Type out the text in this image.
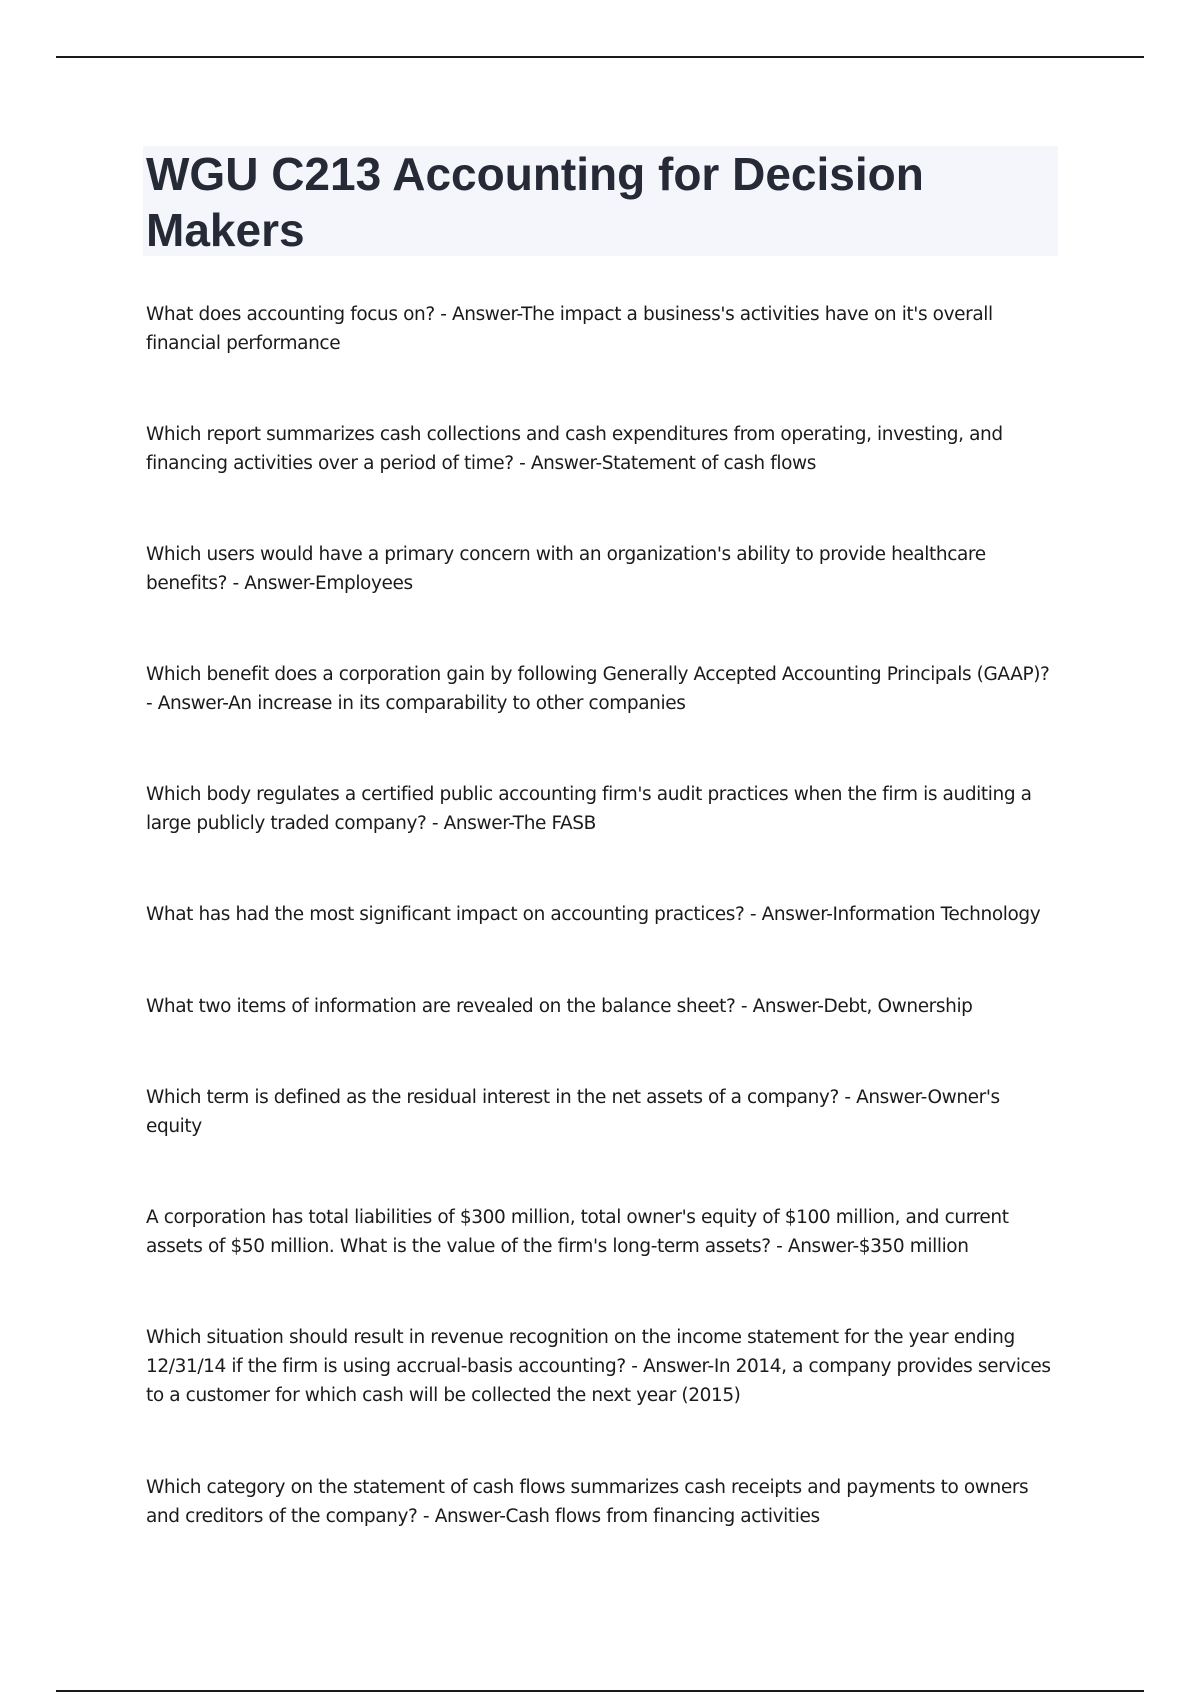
WGU C213 Accounting for Decision Makers

What does accounting focus on? - Answer-The impact a business's activities have on it's overall financial performance

Which report summarizes cash collections and cash expenditures from operating, investing, and financing activities over a period of time? - Answer-Statement of cash flows

Which users would have a primary concern with an organization's ability to provide healthcare benefits? - Answer-Employees

Which benefit does a corporation gain by following Generally Accepted Accounting Principals (GAAP)? - Answer-An increase in its comparability to other companies

Which body regulates a certified public accounting firm's audit practices when the firm is auditing a large publicly traded company? - Answer-The FASB

What has had the most significant impact on accounting practices? - Answer-Information Technology

What two items of information are revealed on the balance sheet? - Answer-Debt, Ownership

Which term is defined as the residual interest in the net assets of a company? - Answer-Owner's equity

A corporation has total liabilities of $300 million, total owner's equity of $100 million, and current assets of $50 million. What is the value of the firm's long-term assets? - Answer-$350 million

Which situation should result in revenue recognition on the income statement for the year ending 12/31/14 if the firm is using accrual-basis accounting? - Answer-In 2014, a company provides services to a customer for which cash will be collected the next year (2015)

Which category on the statement of cash flows summarizes cash receipts and payments to owners and creditors of the company? - Answer-Cash flows from financing activities
